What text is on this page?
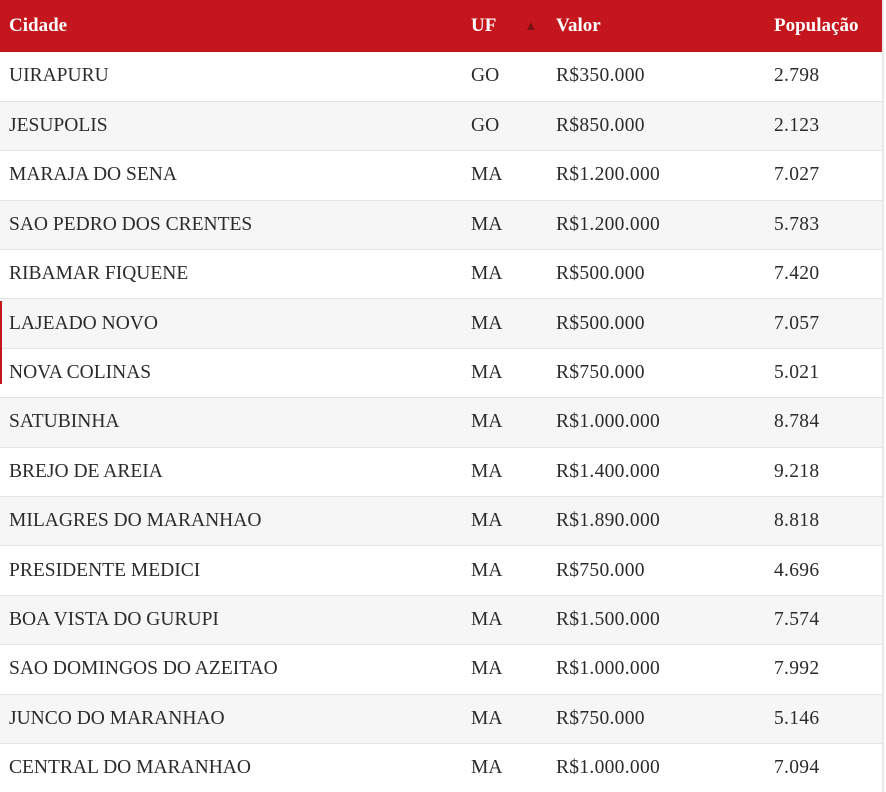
Cidade	UF ▲	Valor	População
UIRAPURU	GO	R$350.000	2.798
JESUPOLIS	GO	R$850.000	2.123
MARAJA DO SENA	MA	R$1.200.000	7.027
SAO PEDRO DOS CRENTES	MA	R$1.200.000	5.783
RIBAMAR FIQUENE	MA	R$500.000	7.420
LAJEADO NOVO	MA	R$500.000	7.057
NOVA COLINAS	MA	R$750.000	5.021
SATUBINHA	MA	R$1.000.000	8.784
BREJO DE AREIA	MA	R$1.400.000	9.218
MILAGRES DO MARANHAO	MA	R$1.890.000	8.818
PRESIDENTE MEDICI	MA	R$750.000	4.696
BOA VISTA DO GURUPI	MA	R$1.500.000	7.574
SAO DOMINGOS DO AZEITAO	MA	R$1.000.000	7.992
JUNCO DO MARANHAO	MA	R$750.000	5.146
CENTRAL DO MARANHAO	MA	R$1.000.000	7.094
